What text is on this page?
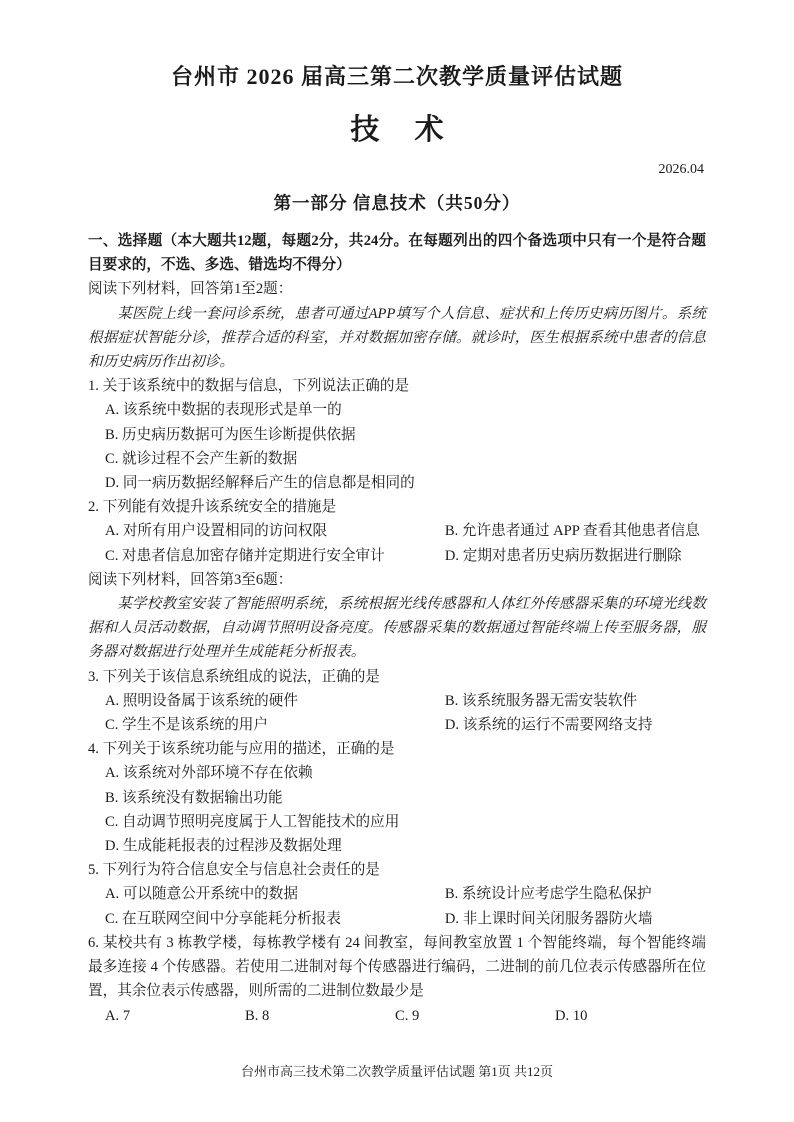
台州市 2026 届高三第二次教学质量评估试题
技 术
2026.04
第一部分 信息技术（共50分）

一、选择题（本大题共12题，每题2分，共24分。在每题列出的四个备选项中只有一个是符合题目要求的，不选、多选、错选均不得分）

阅读下列材料，回答第1至2题：

某医院上线一套问诊系统，患者可通过APP填写个人信息、症状和上传历史病历图片。系统根据症状智能分诊，推荐合适的科室，并对数据加密存储。就诊时，医生根据系统中患者的信息和历史病历作出初诊。

1. 关于该系统中的数据与信息，下列说法正确的是

A. 该系统中数据的表现形式是单一的
B. 历史病历数据可为医生诊断提供依据
C. 就诊过程不会产生新的数据
D. 同一病历数据经解释后产生的信息都是相同的

2. 下列能有效提升该系统安全的措施是

A. 对所有用户设置相同的访问权限	B. 允许患者通过 APP 查看其他患者信息
C. 对患者信息加密存储并定期进行安全审计	D. 定期对患者历史病历数据进行删除

阅读下列材料，回答第3至6题：

某学校教室安装了智能照明系统，系统根据光线传感器和人体红外传感器采集的环境光线数据和人员活动数据，自动调节照明设备亮度。传感器采集的数据通过智能终端上传至服务器，服务器对数据进行处理并生成能耗分析报表。

3. 下列关于该信息系统组成的说法，正确的是

A. 照明设备属于该系统的硬件	B. 该系统服务器无需安装软件
C. 学生不是该系统的用户	D. 该系统的运行不需要网络支持

4. 下列关于该系统功能与应用的描述，正确的是

A. 该系统对外部环境不存在依赖
B. 该系统没有数据输出功能
C. 自动调节照明亮度属于人工智能技术的应用
D. 生成能耗报表的过程涉及数据处理

5. 下列行为符合信息安全与信息社会责任的是

A. 可以随意公开系统中的数据	B. 系统设计应考虑学生隐私保护
C. 在互联网空间中分享能耗分析报表	D. 非上课时间关闭服务器防火墙

6. 某校共有 3 栋教学楼，每栋教学楼有 24 间教室，每间教室放置 1 个智能终端，每个智能终端最多连接 4 个传感器。若使用二进制对每个传感器进行编码，二进制的前几位表示传感器所在位置，其余位表示传感器，则所需的二进制位数最少是

A. 7	B. 8	C. 9	D. 10
台州市高三技术第二次教学质量评估试题 第1页 共12页
